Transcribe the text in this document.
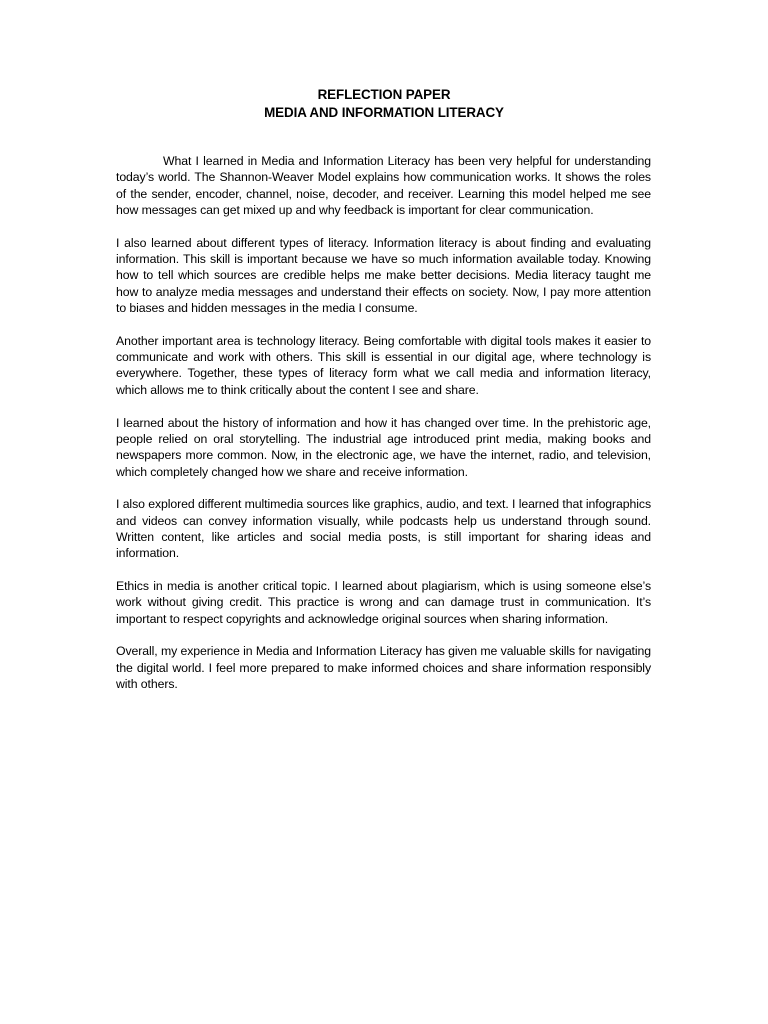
REFLECTION PAPER

MEDIA AND INFORMATION LITERACY

What I learned in Media and Information Literacy has been very helpful for understanding today’s world. The Shannon-Weaver Model explains how communication works. It shows the roles of the sender, encoder, channel, noise, decoder, and receiver. Learning this model helped me see how messages can get mixed up and why feedback is important for clear communication.

I also learned about different types of literacy. Information literacy is about finding and evaluating information. This skill is important because we have so much information available today. Knowing how to tell which sources are credible helps me make better decisions. Media literacy taught me how to analyze media messages and understand their effects on society. Now, I pay more attention to biases and hidden messages in the media I consume.

Another important area is technology literacy. Being comfortable with digital tools makes it easier to communicate and work with others. This skill is essential in our digital age, where technology is everywhere. Together, these types of literacy form what we call media and information literacy, which allows me to think critically about the content I see and share.

I learned about the history of information and how it has changed over time. In the prehistoric age, people relied on oral storytelling. The industrial age introduced print media, making books and newspapers more common. Now, in the electronic age, we have the internet, radio, and television, which completely changed how we share and receive information.

I also explored different multimedia sources like graphics, audio, and text. I learned that infographics and videos can convey information visually, while podcasts help us understand through sound. Written content, like articles and social media posts, is still important for sharing ideas and information.

Ethics in media is another critical topic. I learned about plagiarism, which is using someone else’s work without giving credit. This practice is wrong and can damage trust in communication. It’s important to respect copyrights and acknowledge original sources when sharing information.

Overall, my experience in Media and Information Literacy has given me valuable skills for navigating the digital world. I feel more prepared to make informed choices and share information responsibly with others.
